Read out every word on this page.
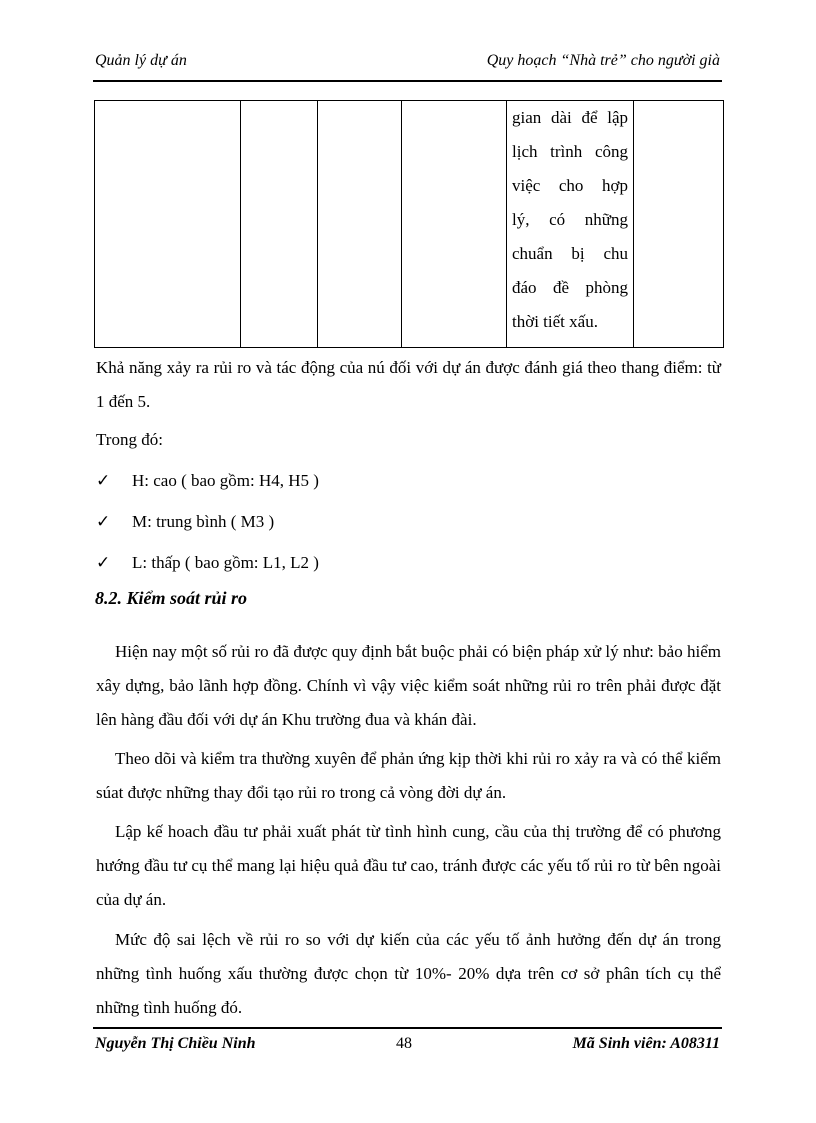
Quản lý dự án	Quy hoạch “Nhà trẻ” cho người già

gian dài để lập
lịch trình công
việc cho hợp
lý, có những
chuẩn bị chu
đáo đề phòng
thời tiết xấu.

Khả năng xảy ra rủi ro và tác động của nú đối với dự án được đánh giá theo thang điểm: từ 1 đến 5.
Trong đó:
✓ H: cao ( bao gồm: H4, H5 )
✓ M: trung bình ( M3 )
✓ L: thấp ( bao gồm: L1, L2 )
8.2. Kiểm soát rủi ro
Hiện nay một số rủi ro đã được quy định bắt buộc phải có biện pháp xử lý như: bảo hiểm xây dựng, bảo lãnh hợp đồng. Chính vì vậy việc kiểm soát những rủi ro trên phải được đặt lên hàng đầu đối với dự án Khu trường đua và khán đài.
Theo dõi và kiểm tra thường xuyên để phản ứng kịp thời khi rủi ro xảy ra và có thể kiểm súat được những thay đổi tạo rủi ro trong cả vòng đời dự án.
Lập kế hoach đầu tư phải xuất phát từ tình hình cung, cầu của thị trường để có phương hướng đầu tư cụ thể mang lại hiệu quả đầu tư cao, tránh được các yếu tố rủi ro từ bên ngoài của dự án.
Mức độ sai lệch về rủi ro so với dự kiến của các yếu tố ảnh hưởng đến dự án trong những tình huống xấu thường được chọn từ 10%- 20% dựa trên cơ sở phân tích cụ thể những tình huống đó.
Nguyễn Thị Chiều Ninh	48	Mã Sinh viên: A08311
